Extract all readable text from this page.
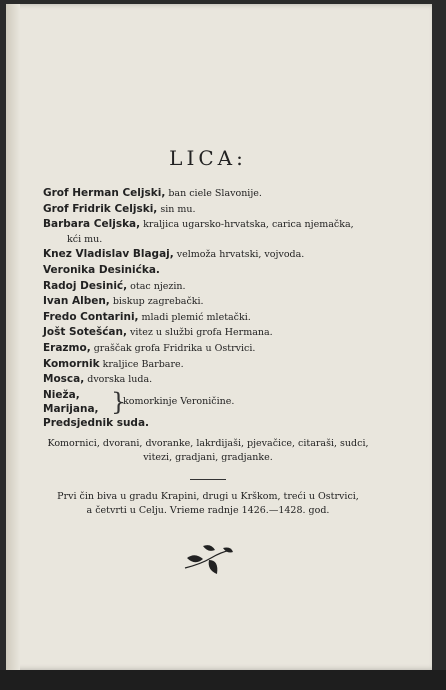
LICA:
Grof Herman Celjski, ban ciele Slavonije.
Grof Fridrik Celjski, sin mu.
Barbara Celjska, kraljica ugarsko-hrvatska, carica njemačka,
kći mu.
Knez Vladislav Blagaj, velmoža hrvatski, vojvoda.
Veronika Desinićka.
Radoj Desinić, otac njezin.
Ivan Alben, biskup zagrebački.
Fredo Contarini, mladi plemić mletački.
Jošt Sotešćan, vitez u službi grofa Hermana.
Erazmo, graščak grofa Fridrika u Ostrvici.
Komornik kraljice Barbare.
Mosca, dvorska luda.
Nieža,
Marijana, }
komorkinje Veroničine.
Predsjednik suda.
Komornici, dvorani, dvoranke, lakrdijaši, pjevačice, citaraši, sudci,
vitezi, gradjani, gradjanke.
Prvi čin biva u gradu Krapini, drugi u Krškom, treći u Ostrvici,
a četvrti u Celju. Vrieme radnje 1426.—1428. god.
